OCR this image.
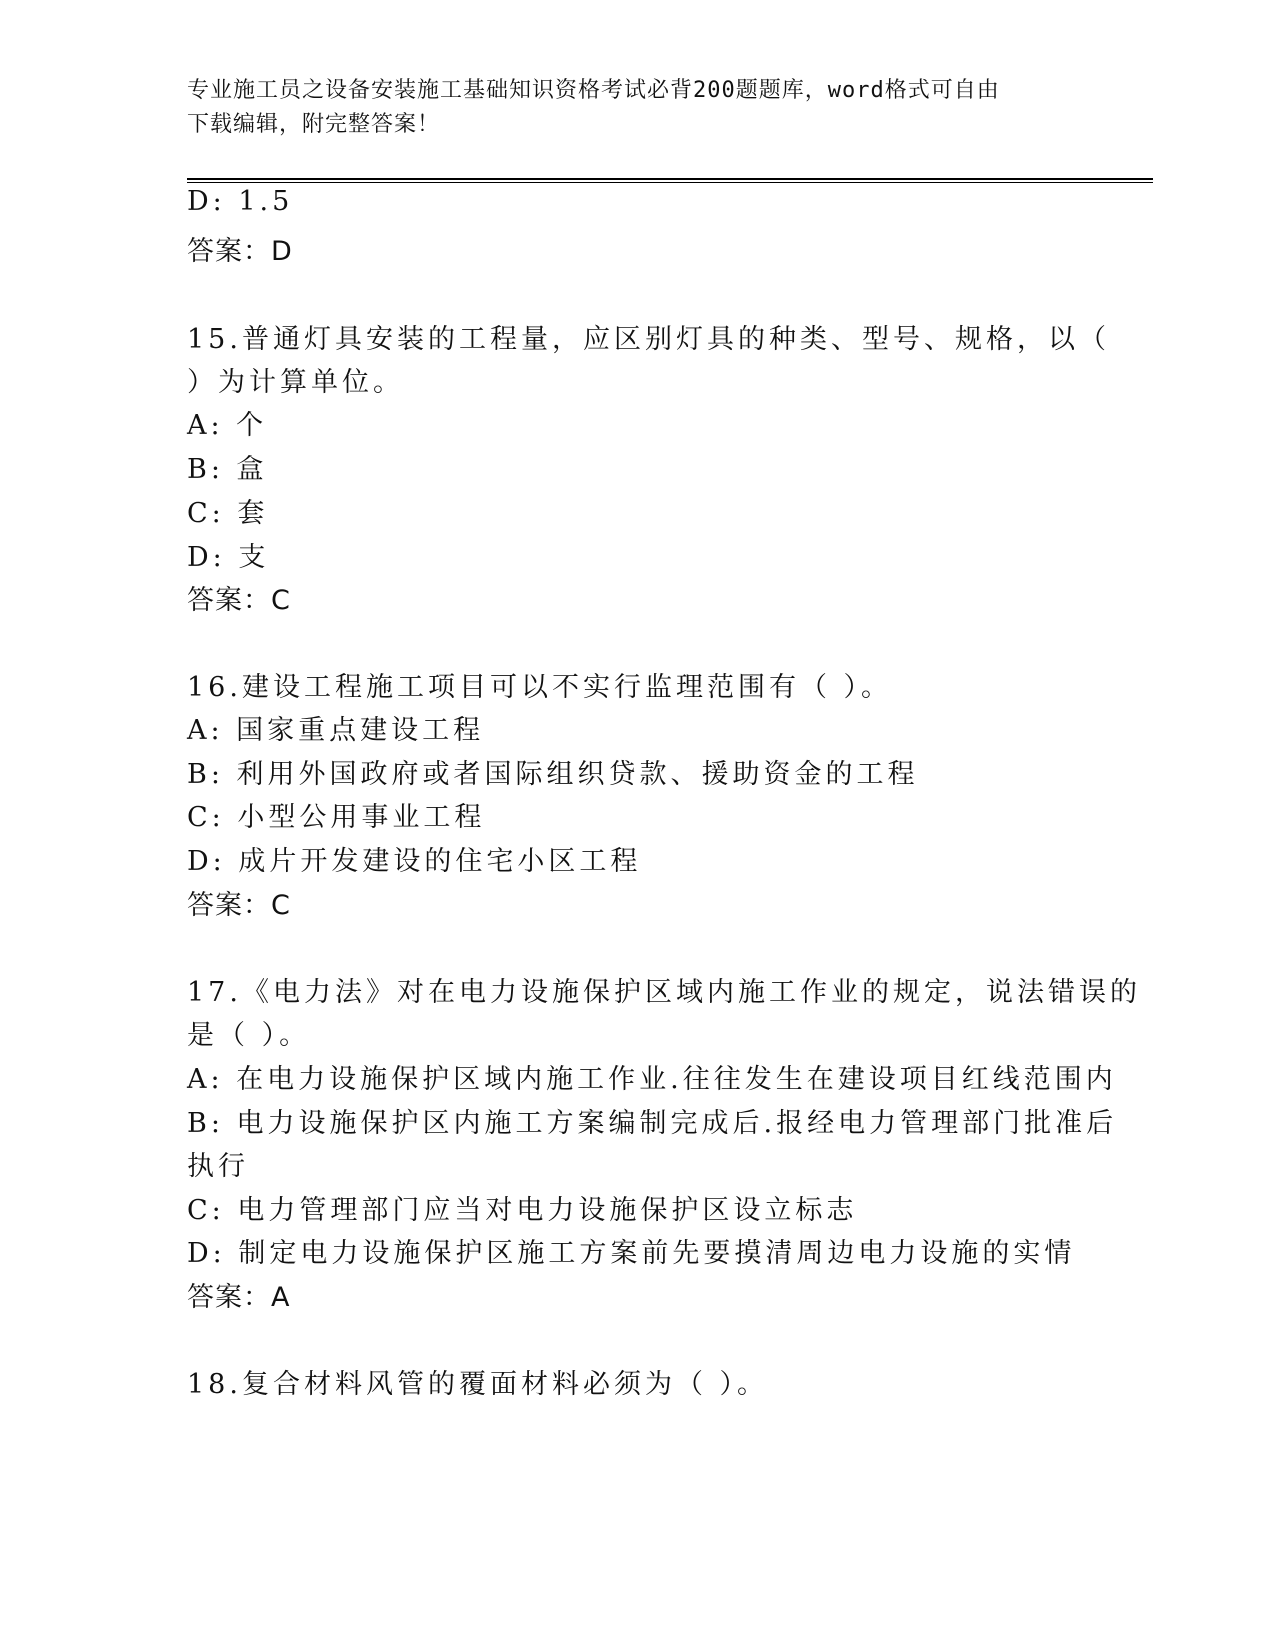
专业施工员之设备安装施工基础知识资格考试必背200题题库，word格式可自由
下载编辑，附完整答案！
D: 1.5
答案：D
15.普通灯具安装的工程量，应区别灯具的种类、型号、规格，以（
）为计算单位。
A: 个
B: 盒
C: 套
D: 支
答案：C
16.建设工程施工项目可以不实行监理范围有（ ）。
A: 国家重点建设工程
B: 利用外国政府或者国际组织贷款、援助资金的工程
C: 小型公用事业工程
D: 成片开发建设的住宅小区工程
答案：C
17.《电力法》对在电力设施保护区域内施工作业的规定，说法错误的
是（ ）。
A: 在电力设施保护区域内施工作业.往往发生在建设项目红线范围内
B: 电力设施保护区内施工方案编制完成后.报经电力管理部门批准后
执行
C: 电力管理部门应当对电力设施保护区设立标志
D: 制定电力设施保护区施工方案前先要摸清周边电力设施的实情
答案：A
18.复合材料风管的覆面材料必须为（ ）。
